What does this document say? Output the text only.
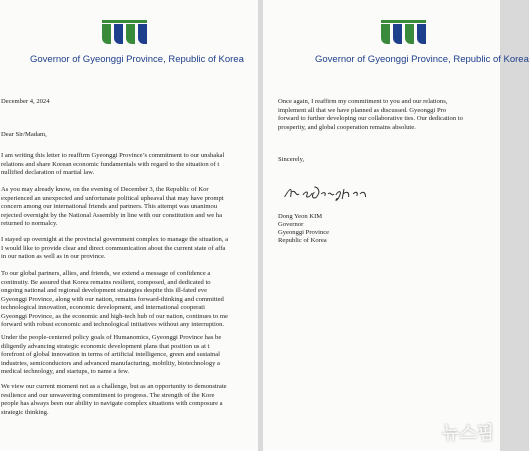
Governor of Gyeonggi Province, Republic of Korea
December 4, 2024
Dear Sir/Madam,
I am writing this letter to reaffirm Gyeonggi Province’s commitment to our unshakal
relations and share Korean economic fundamentals with regard to the situation of t
nullified declaration of martial law.
As you may already know, on the evening of December 3, the Republic of Kor
experienced an unexpected and unfortunate political upheaval that may have prompt
concern among our international friends and partners. This attempt was unanimou
rejected overnight by the National Assembly in line with our constitution and we ha
returned to normalcy.
I stayed up overnight at the provincial government complex to manage the situation, a
I would like to provide clear and direct communication about the current state of affa
in our nation as well as in our province.
To our global partners, allies, and friends, we extend a message of confidence a
continuity. Be assured that Korea remains resilient, composed, and dedicated to
ongoing national and regional development strategies despite this ill-fated eve
Gyeonggi Province, along with our nation, remains forward-thinking and committed
technological innovation, economic development, and international cooperati
Gyeonggi Province, as the economic and high-tech hub of our nation, continues to me
forward with robust economic and technological initiatives without any interruption.
Under the people-centered policy goals of Humanomics, Gyeonggi Province has be
diligently advancing strategic economic development plans that position us at t
forefront of global innovation in terms of artificial intelligence, green and sustainal
industries, semiconductors and advanced manufacturing, mobility, biotechnology a
medical technology, and startups, to name a few.
We view our current moment not as a challenge, but as an opportunity to demonstrate
resilience and our unwavering commitment to progress. The strength of the Kore
people has always been our ability to navigate complex situations with composure a
strategic thinking.
Governor of Gyeonggi Province, Republic of Korea
Once again, I reaffirm my commitment to you and our relations,
implement all that we have planned as discussed. Gyeonggi Pro
forward to further developing our collaborative ties. Our dedication to
prosperity, and global cooperation remains absolute.
Sincerely,
Dong Yeon KIM
Governor
Gyeonggi Province
Republic of Korea
뉴스핌
